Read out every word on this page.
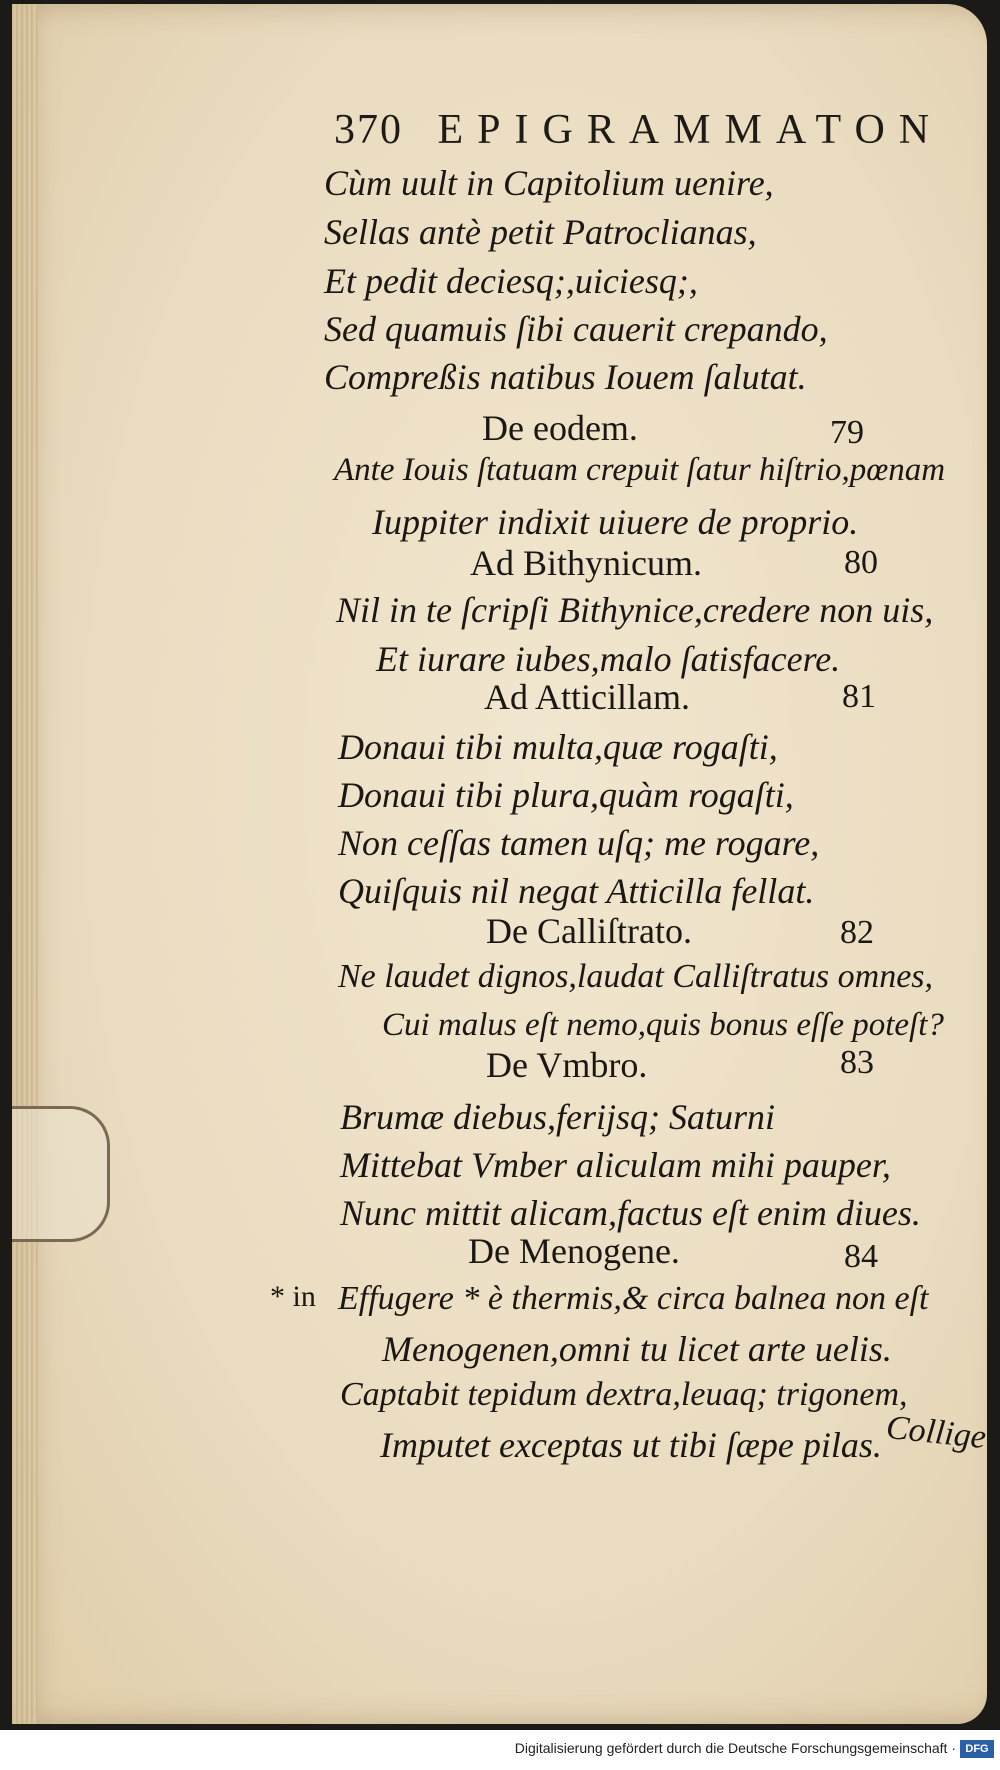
370 EPIGRAMMATON
Cùm uult in Capitolium uenire,
Sellas antè petit Patroclianas,
Et pedit deciesq;,uiciesq;,
Sed quamuis ſibi cauerit crepando,
Compreßis natibus Iouem ſalutat.
De eodem.	79
Ante Iouis ſtatuam crepuit ſatur hiſtrio,pœnam
Iuppiter indixit uiuere de proprio.
Ad Bithynicum.	80
Nil in te ſcripſi Bithynice,credere non uis,
Et iurare iubes,malo ſatisfacere.
Ad Atticillam.	81
Donaui tibi multa,quæ rogaſti,
Donaui tibi plura,quàm rogaſti,
Non ceſſas tamen uſq; me rogare,
Quiſquis nil negat Atticilla fellat.
De Calliſtrato.	82
Ne laudet dignos,laudat Calliſtratus omnes,
Cui malus eſt nemo,quis bonus eſſe poteſt?
De Vmbro.	83
Brumæ diebus,ferijsq; Saturni
Mittebat Vmber aliculam mihi pauper,
Nunc mittit alicam,factus eſt enim diues.
De Menogene.	84
* in Effugere * è thermis,& circa balnea non eſt
Menogenen,omni tu licet arte uelis.
Captabit tepidum dextra,leuaq; trigonem,
Imputet exceptas ut tibi ſæpe pilas. Collige
Digitalisierung gefördert durch die Deutsche Forschungsgemeinschaft · DFG
